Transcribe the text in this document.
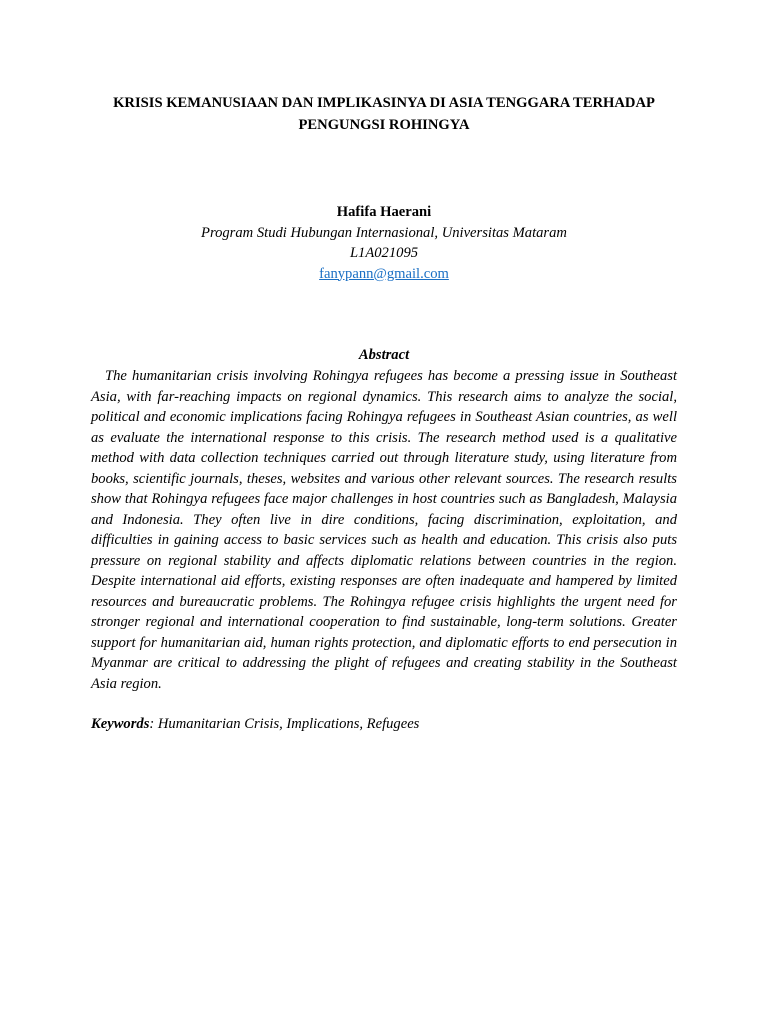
KRISIS KEMANUSIAAN DAN IMPLIKASINYA DI ASIA TENGGARA TERHADAP
PENGUNGSI ROHINGYA
Hafifa Haerani
Program Studi Hubungan Internasional, Universitas Mataram
L1A021095
fanypann@gmail.com
Abstract

The humanitarian crisis involving Rohingya refugees has become a pressing issue in Southeast Asia, with far-reaching impacts on regional dynamics. This research aims to analyze the social, political and economic implications facing Rohingya refugees in Southeast Asian countries, as well as evaluate the international response to this crisis. The research method used is a qualitative method with data collection techniques carried out through literature study, using literature from books, scientific journals, theses, websites and various other relevant sources. The research results show that Rohingya refugees face major challenges in host countries such as Bangladesh, Malaysia and Indonesia. They often live in dire conditions, facing discrimination, exploitation, and difficulties in gaining access to basic services such as health and education. This crisis also puts pressure on regional stability and affects diplomatic relations between countries in the region. Despite international aid efforts, existing responses are often inadequate and hampered by limited resources and bureaucratic problems. The Rohingya refugee crisis highlights the urgent need for stronger regional and international cooperation to find sustainable, long-term solutions. Greater support for humanitarian aid, human rights protection, and diplomatic efforts to end persecution in Myanmar are critical to addressing the plight of refugees and creating stability in the Southeast Asia region.

Keywords: Humanitarian Crisis, Implications, Refugees
